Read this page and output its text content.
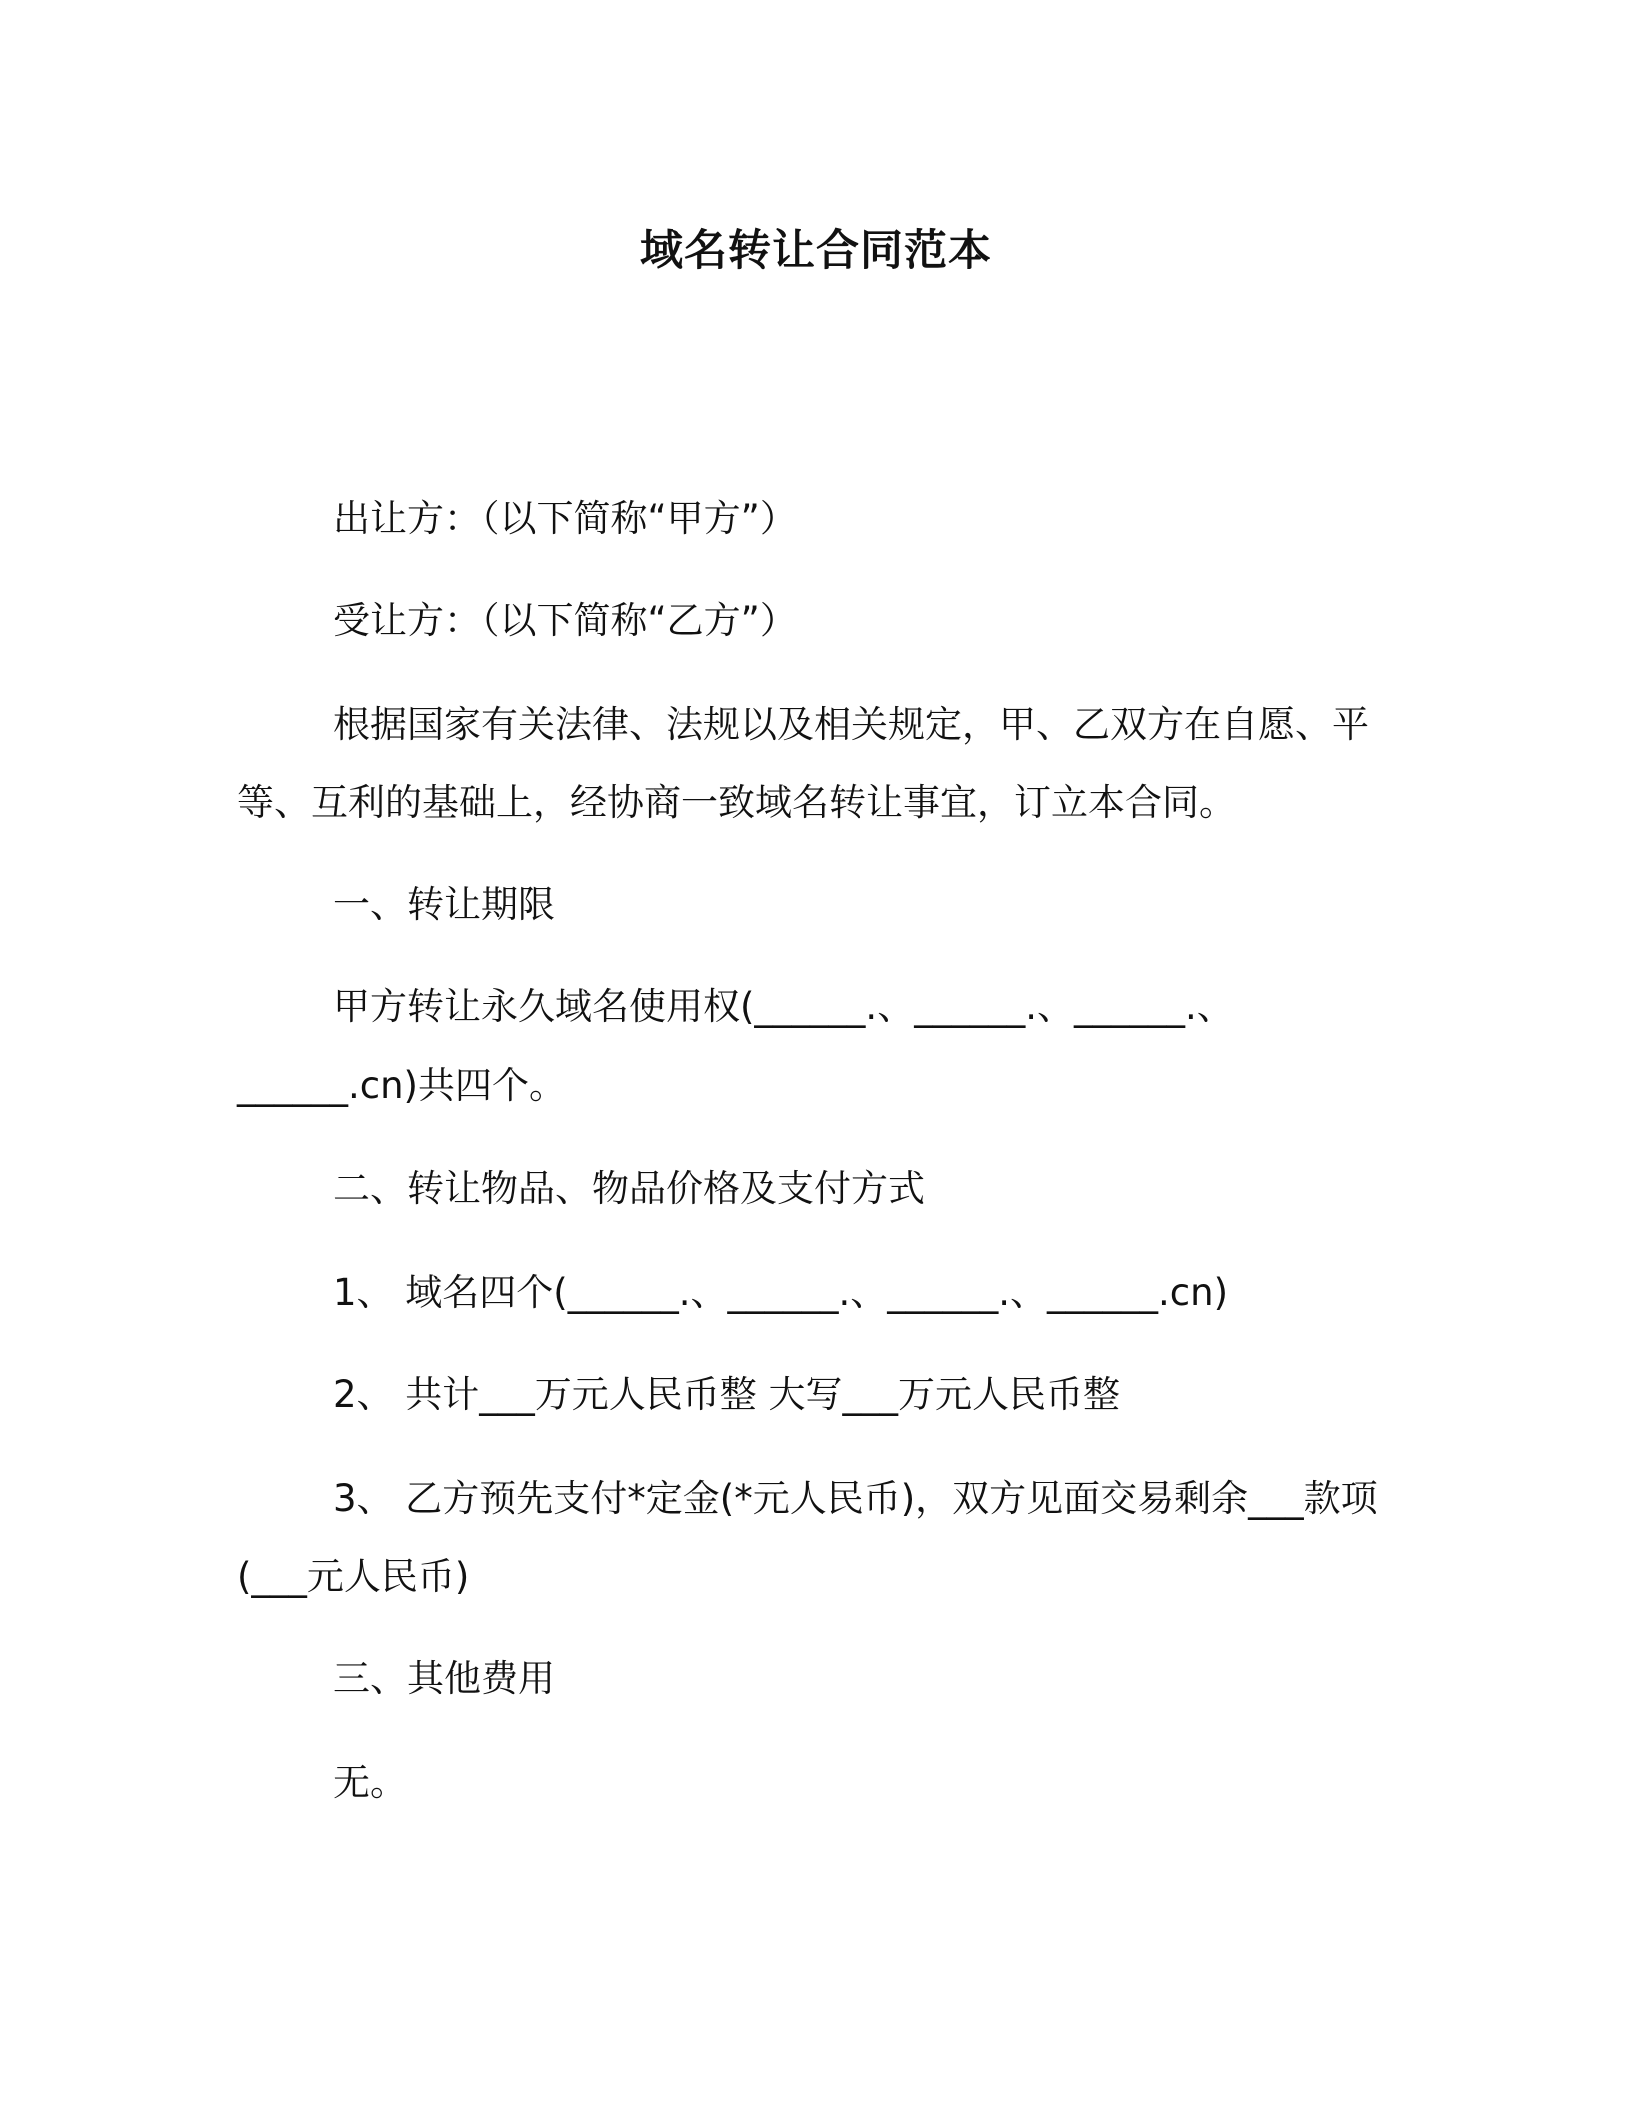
域名转让合同范本
出让方：（以下简称“甲方”）
受让方：（以下简称“乙方”）
根据国家有关法律、法规以及相关规定，甲、乙双方在自愿、平
等、互利的基础上，经协商一致域名转让事宜，订立本合同。
一、转让期限
甲方转让永久域名使用权(______.、______.、______.、
______.cn)共四个。
二、转让物品、物品价格及支付方式
1、 域名四个(______.、______.、______.、______.cn)
2、 共计___万元人民币整 大写___万元人民币整
3、 乙方预先支付*定金(*元人民币)，双方见面交易剩余___款项
(___元人民币)
三、其他费用
无。
